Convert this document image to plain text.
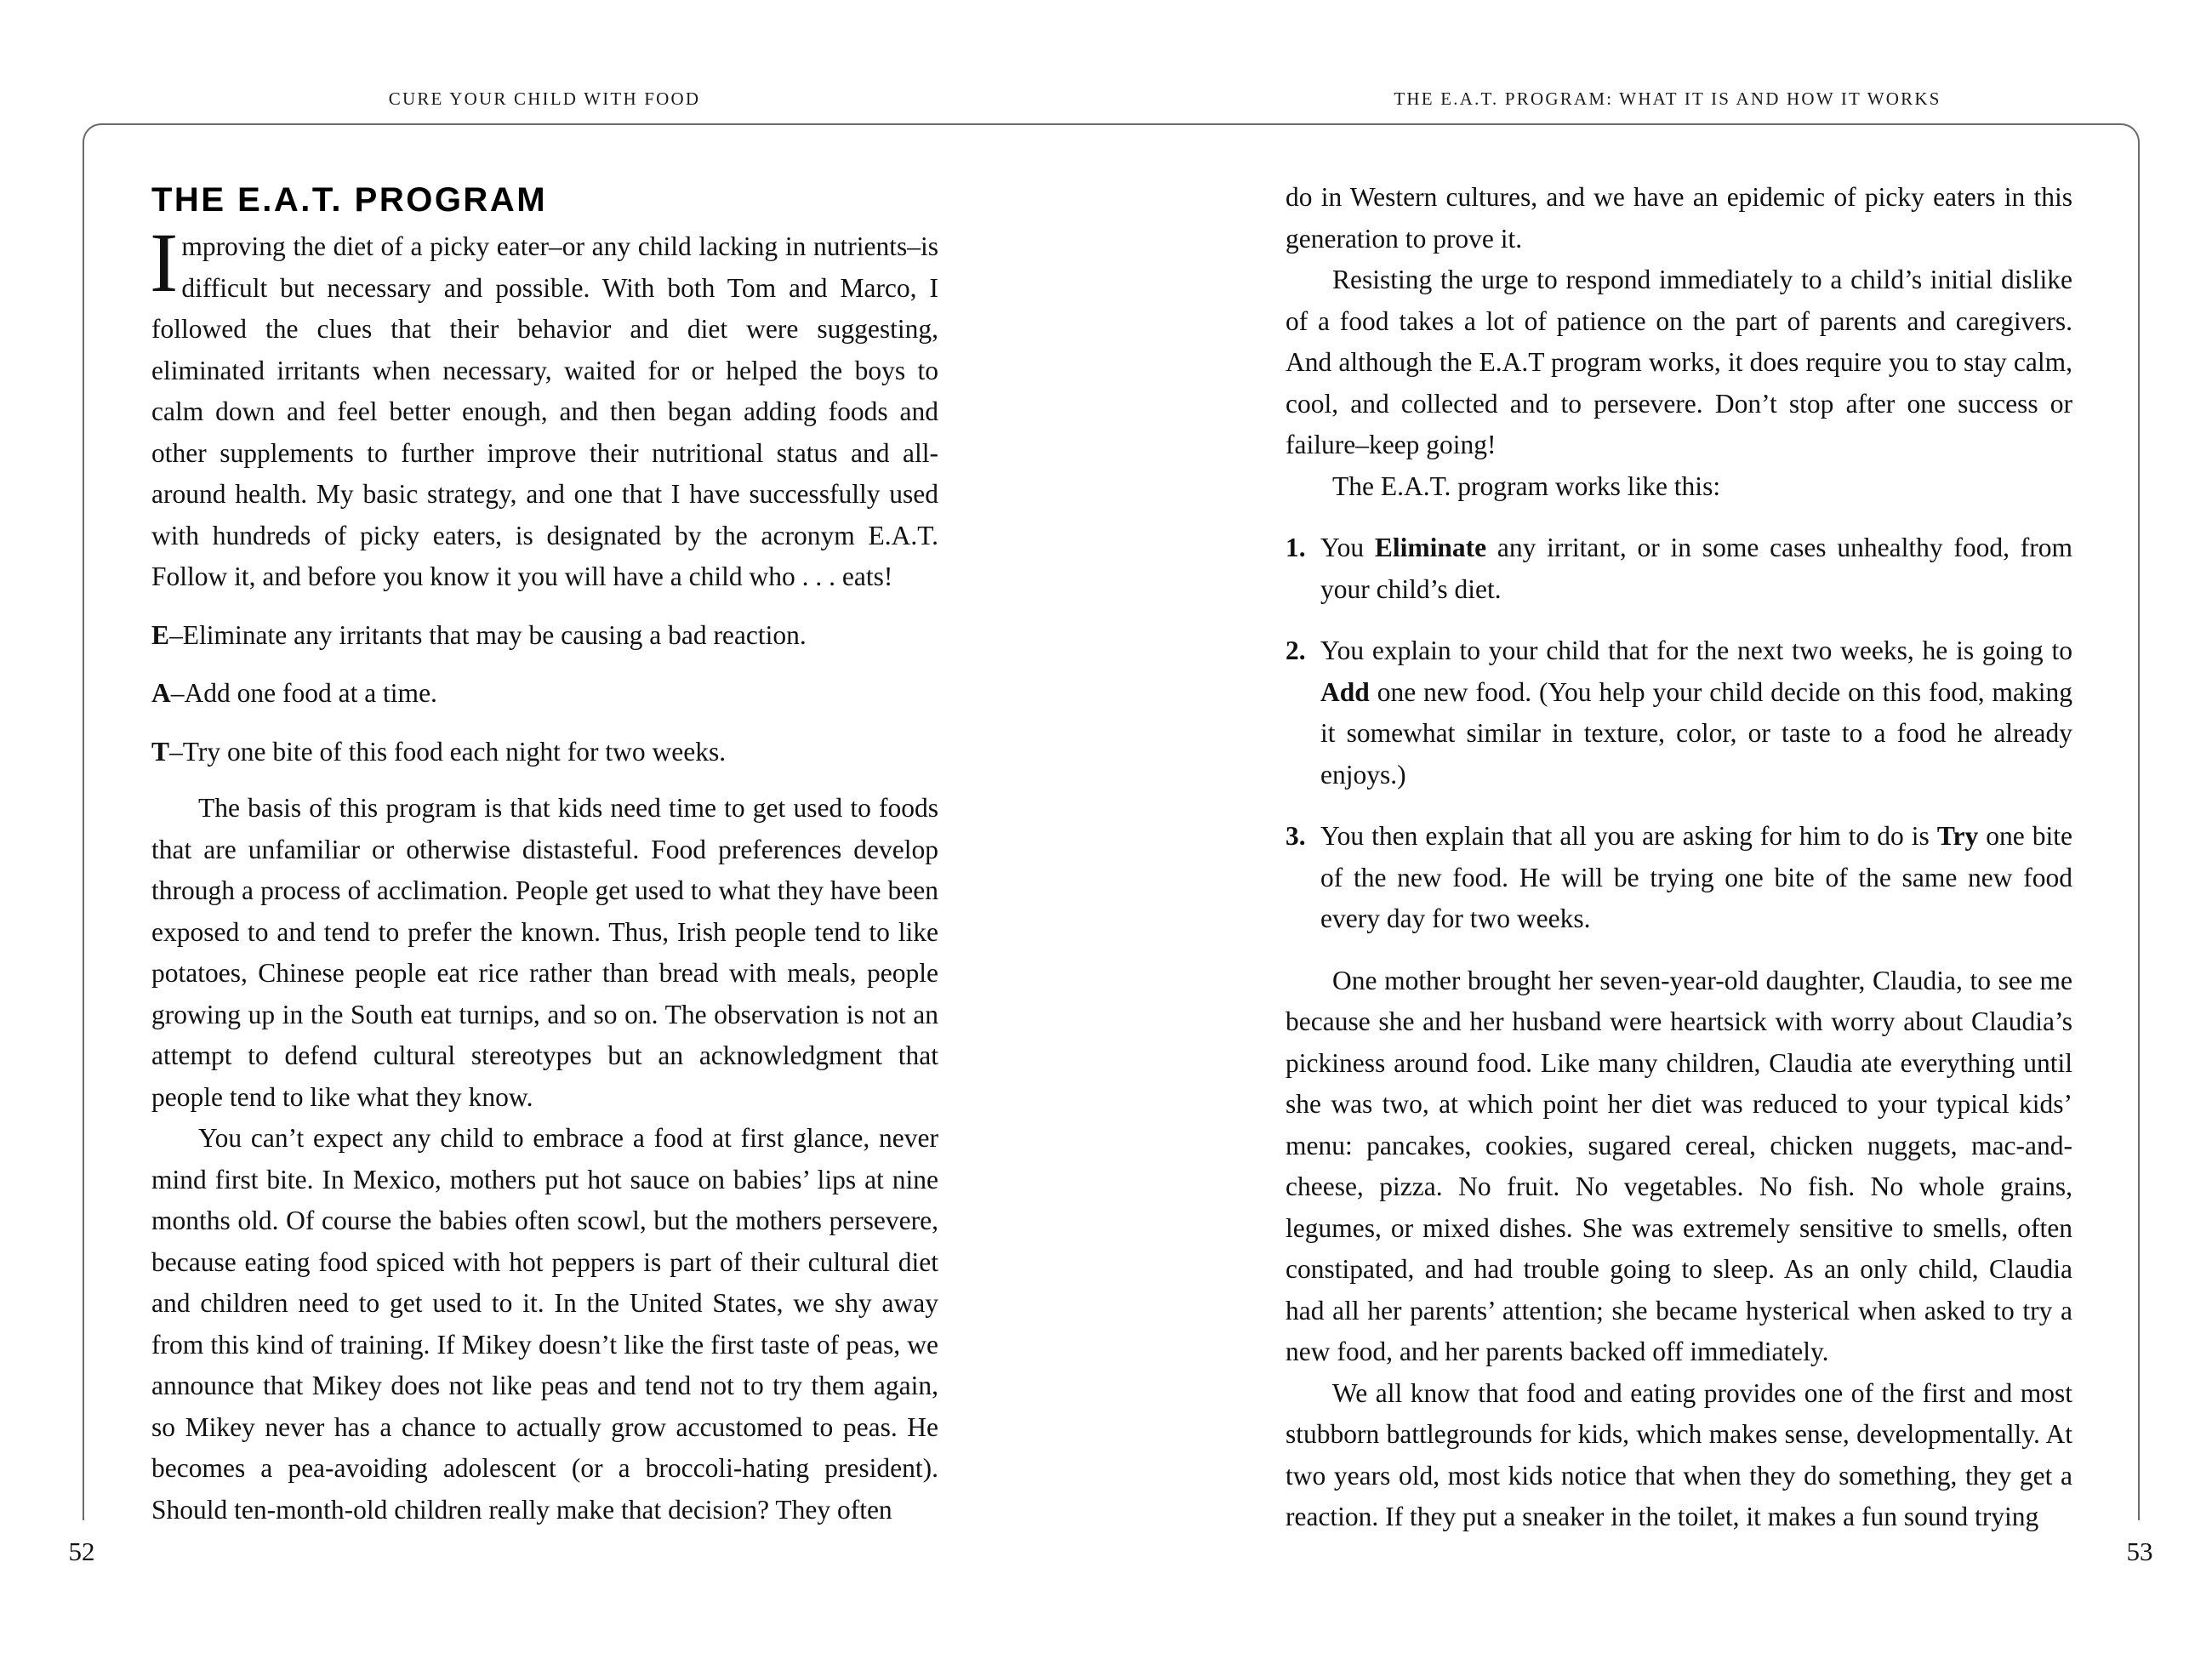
CURE YOUR CHILD WITH FOOD	THE E.A.T. PROGRAM: WHAT IT IS AND HOW IT WORKS
THE E.A.T. PROGRAM

Improving the diet of a picky eater–or any child lacking in nutrients–is difficult but necessary and possible. With both Tom and Marco, I followed the clues that their behavior and diet were suggesting, eliminated irritants when necessary, waited for or helped the boys to calm down and feel better enough, and then began adding foods and other supplements to further improve their nutritional status and all-around health. My basic strategy, and one that I have successfully used with hundreds of picky eaters, is designated by the acronym E.A.T. Follow it, and before you know it you will have a child who . . . eats!

E–Eliminate any irritants that may be causing a bad reaction.

A–Add one food at a time.

T–Try one bite of this food each night for two weeks.

The basis of this program is that kids need time to get used to foods that are unfamiliar or otherwise distasteful. Food preferences develop through a process of acclimation. People get used to what they have been exposed to and tend to prefer the known. Thus, Irish people tend to like potatoes, Chinese people eat rice rather than bread with meals, people growing up in the South eat turnips, and so on. The observation is not an attempt to defend cultural stereotypes but an acknowledgment that people tend to like what they know.

You can’t expect any child to embrace a food at first glance, never mind first bite. In Mexico, mothers put hot sauce on babies’ lips at nine months old. Of course the babies often scowl, but the mothers persevere, because eating food spiced with hot peppers is part of their cultural diet and children need to get used to it. In the United States, we shy away from this kind of training. If Mikey doesn’t like the first taste of peas, we announce that Mikey does not like peas and tend not to try them again, so Mikey never has a chance to actually grow accustomed to peas. He becomes a pea-avoiding adolescent (or a broccoli-hating president). Should ten-month-old children really make that decision? They often

do in Western cultures, and we have an epidemic of picky eaters in this generation to prove it.

Resisting the urge to respond immediately to a child’s initial dislike of a food takes a lot of patience on the part of parents and caregivers. And although the E.A.T program works, it does require you to stay calm, cool, and collected and to persevere. Don’t stop after one success or failure–keep going!

The E.A.T. program works like this:

1. You Eliminate any irritant, or in some cases unhealthy food, from your child’s diet.
2. You explain to your child that for the next two weeks, he is going to Add one new food. (You help your child decide on this food, making it somewhat similar in texture, color, or taste to a food he already enjoys.)
3. You then explain that all you are asking for him to do is Try one bite of the new food. He will be trying one bite of the same new food every day for two weeks.

One mother brought her seven-year-old daughter, Claudia, to see me because she and her husband were heartsick with worry about Claudia’s pickiness around food. Like many children, Claudia ate everything until she was two, at which point her diet was reduced to your typical kids’ menu: pancakes, cookies, sugared cereal, chicken nuggets, mac-and-cheese, pizza. No fruit. No vegetables. No fish. No whole grains, legumes, or mixed dishes. She was extremely sensitive to smells, often constipated, and had trouble going to sleep. As an only child, Claudia had all her parents’ attention; she became hysterical when asked to try a new food, and her parents backed off immediately.

We all know that food and eating provides one of the first and most stubborn battlegrounds for kids, which makes sense, developmentally. At two years old, most kids notice that when they do something, they get a reaction. If they put a sneaker in the toilet, it makes a fun sound trying

52	53
